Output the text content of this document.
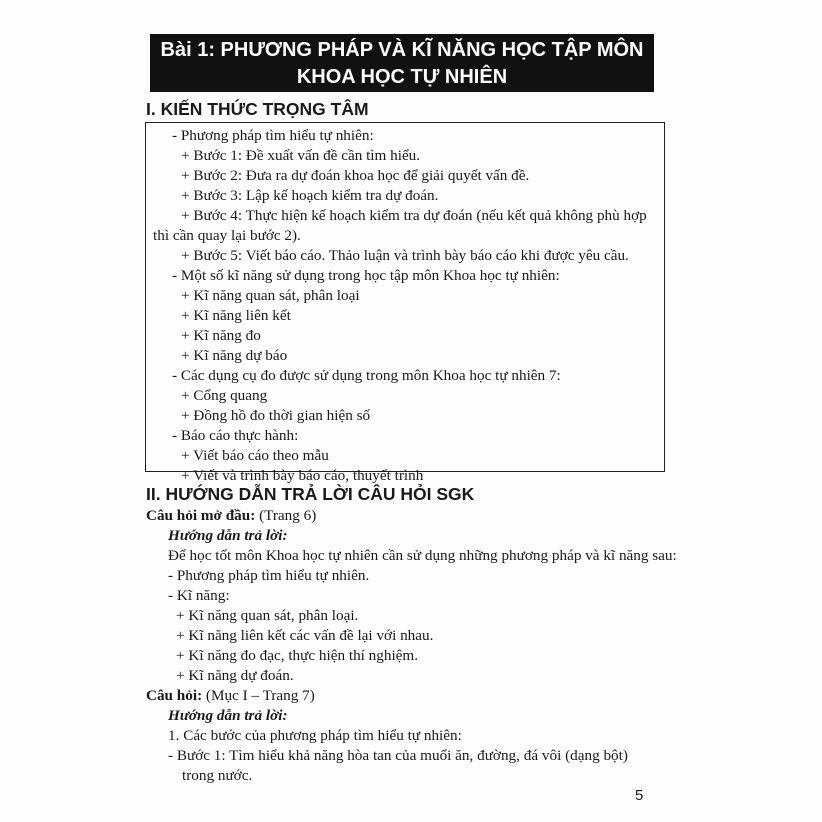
Bài 1: PHƯƠNG PHÁP VÀ KĨ NĂNG HỌC TẬP MÔN
KHOA HỌC TỰ NHIÊN
I. KIẾN THỨC TRỌNG TÂM
- Phương pháp tìm hiểu tự nhiên:
+ Bước 1: Đề xuất vấn đề cần tìm hiểu.
+ Bước 2: Đưa ra dự đoán khoa học để giải quyết vấn đề.
+ Bước 3: Lập kế hoạch kiểm tra dự đoán.
+ Bước 4: Thực hiện kế hoạch kiểm tra dự đoán (nếu kết quả không phù hợp
thì cần quay lại bước 2).
+ Bước 5: Viết báo cáo. Thảo luận và trình bày báo cáo khi được yêu cầu.
- Một số kĩ năng sử dụng trong học tập môn Khoa học tự nhiên:
+ Kĩ năng quan sát, phân loại
+ Kĩ năng liên kết
+ Kĩ năng đo
+ Kĩ năng dự báo
- Các dụng cụ đo được sử dụng trong môn Khoa học tự nhiên 7:
+ Cổng quang
+ Đồng hồ đo thời gian hiện số
- Báo cáo thực hành:
+ Viết báo cáo theo mẫu
+ Viết và trình bày báo cáo, thuyết trình
II. HƯỚNG DẪN TRẢ LỜI CÂU HỎI SGK
Câu hỏi mở đầu: (Trang 6)
Hướng dẫn trả lời:
Để học tốt môn Khoa học tự nhiên cần sử dụng những phương pháp và kĩ năng sau:
- Phương pháp tìm hiểu tự nhiên.
- Kĩ năng:
+ Kĩ năng quan sát, phân loại.
+ Kĩ năng liên kết các vấn đề lại với nhau.
+ Kĩ năng đo đạc, thực hiện thí nghiệm.
+ Kĩ năng dự đoán.
Câu hỏi: (Mục I – Trang 7)
Hướng dẫn trả lời:
1. Các bước của phương pháp tìm hiểu tự nhiên:
- Bước 1: Tìm hiểu khả năng hòa tan của muối ăn, đường, đá vôi (dạng bột)
trong nước.
5
